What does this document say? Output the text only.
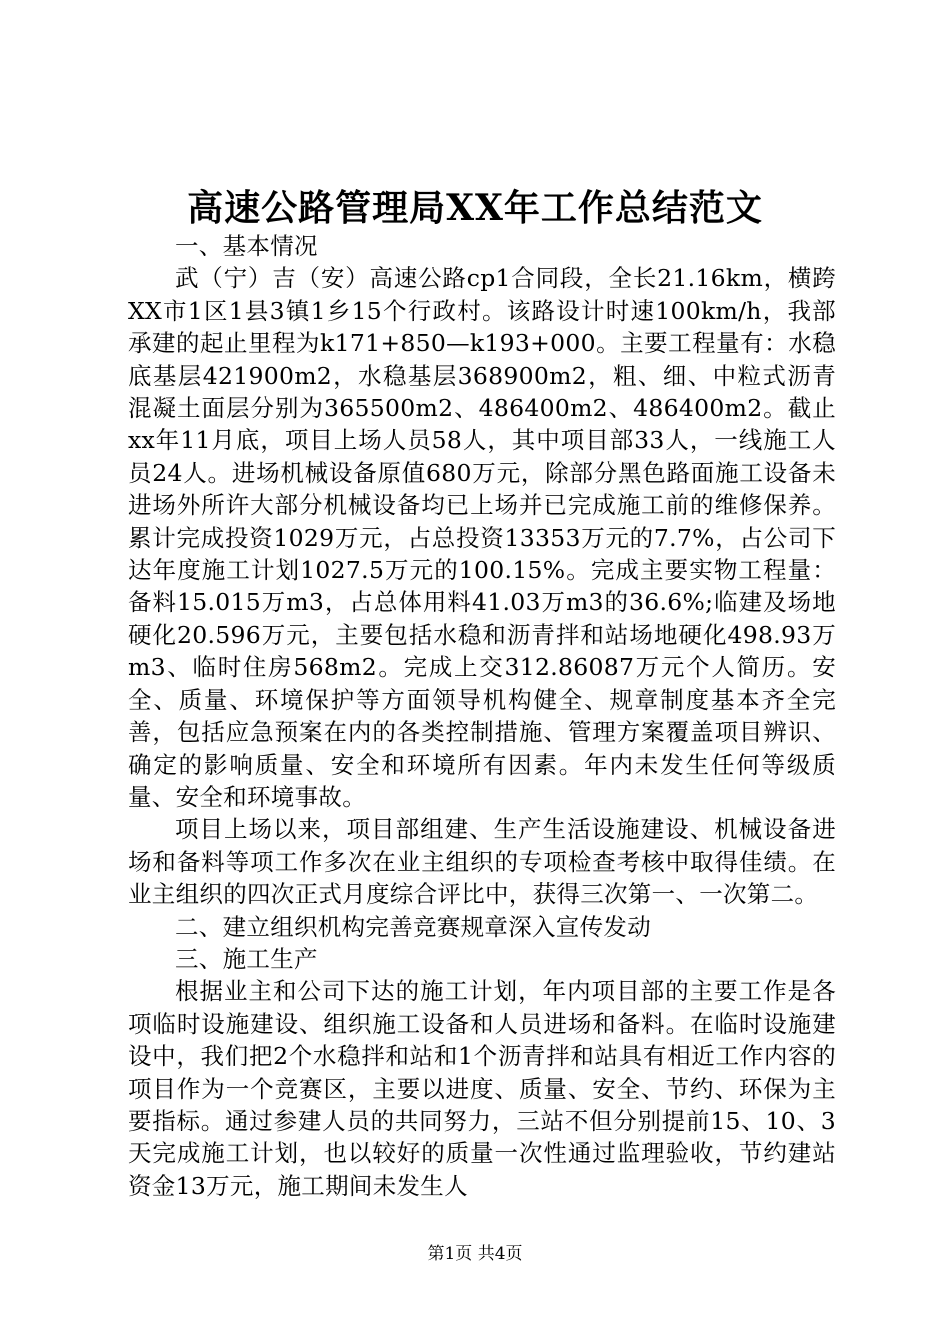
高速公路管理局XX年工作总结范文

一、基本情况

武（宁）吉（安）高速公路cp1合同段，全长21.16km，横跨XX市1区1县3镇1乡15个行政村。该路设计时速100km/h，我部承建的起止里程为k171+850—k193+000。主要工程量有：水稳底基层421900m2，水稳基层368900m2，粗、细、中粒式沥青混凝土面层分别为365500m2、486400m2、486400m2。截止xx年11月底，项目上场人员58人，其中项目部33人，一线施工人员24人。进场机械设备原值680万元，除部分黑色路面施工设备未进场外所许大部分机械设备均已上场并已完成施工前的维修保养。累计完成投资1029万元，占总投资13353万元的7.7%，占公司下达年度施工计划1027.5万元的100.15%。完成主要实物工程量：备料15.015万m3，占总体用料41.03万m3的36.6%;临建及场地硬化20.596万元，主要包括水稳和沥青拌和站场地硬化498.93万m3、临时住房568m2。完成上交312.86087万元个人简历。安全、质量、环境保护等方面领导机构健全、规章制度基本齐全完善，包括应急预案在内的各类控制措施、管理方案覆盖项目辨识、确定的影响质量、安全和环境所有因素。年内未发生任何等级质量、安全和环境事故。

项目上场以来，项目部组建、生产生活设施建设、机械设备进场和备料等项工作多次在业主组织的专项检查考核中取得佳绩。在业主组织的四次正式月度综合评比中，获得三次第一、一次第二。

二、建立组织机构完善竞赛规章深入宣传发动

三、施工生产

根据业主和公司下达的施工计划，年内项目部的主要工作是各项临时设施建设、组织施工设备和人员进场和备料。在临时设施建设中，我们把2个水稳拌和站和1个沥青拌和站具有相近工作内容的项目作为一个竞赛区，主要以进度、质量、安全、节约、环保为主要指标。通过参建人员的共同努力，三站不但分别提前15、10、3天完成施工计划，也以较好的质量一次性通过监理验收，节约建站资金13万元，施工期间未发生人

第1页 共4页
